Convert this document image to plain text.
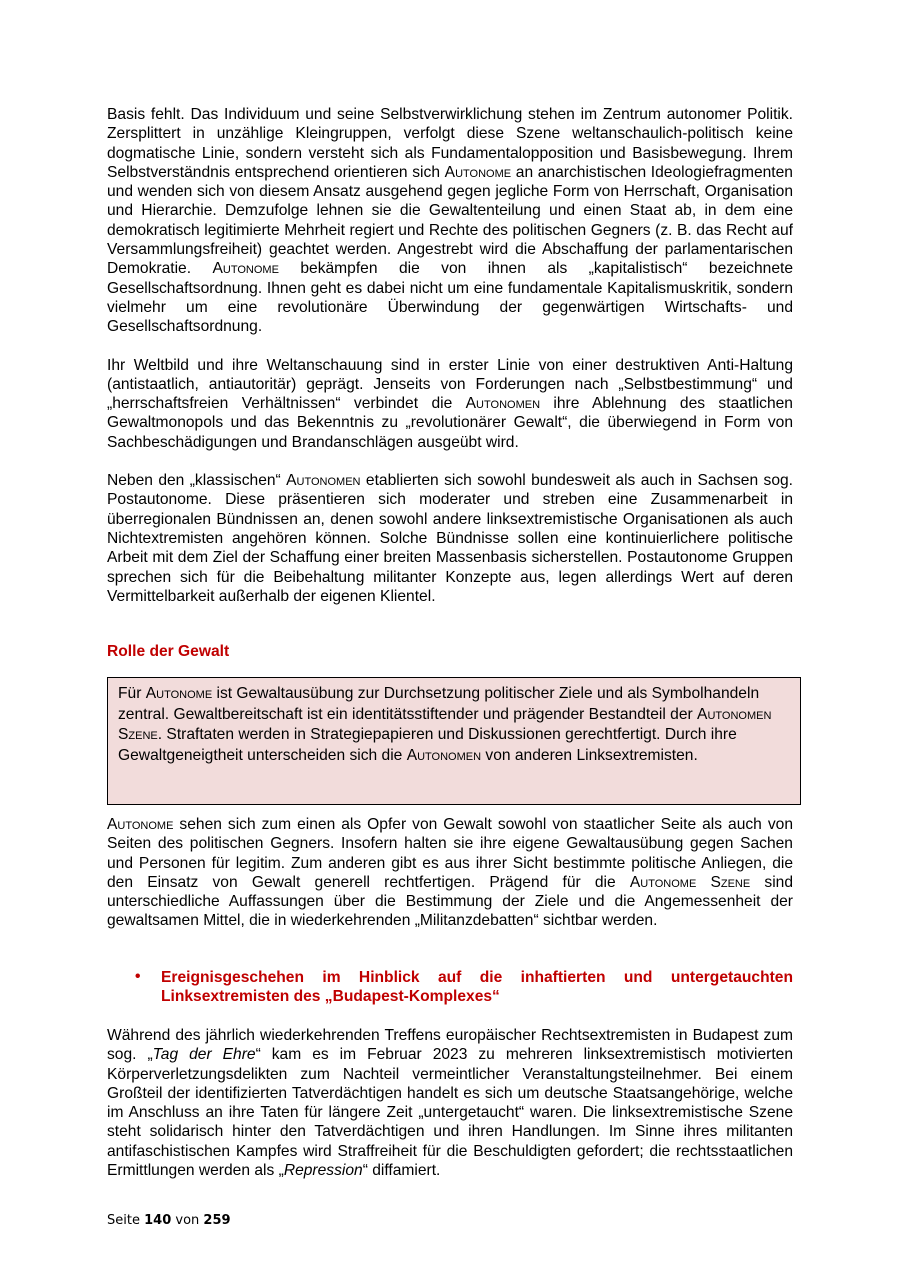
Basis fehlt. Das Individuum und seine Selbstverwirklichung stehen im Zentrum autonomer Politik. Zersplittert in unzählige Kleingruppen, verfolgt diese Szene weltanschaulich-politisch keine dogmatische Linie, sondern versteht sich als Fundamentalopposition und Basisbewegung. Ihrem Selbstverständnis entsprechend orientieren sich Autonome an anarchistischen Ideologiefragmenten und wenden sich von diesem Ansatz ausgehend gegen jegliche Form von Herrschaft, Organisation und Hierarchie. Demzufolge lehnen sie die Gewaltenteilung und einen Staat ab, in dem eine demokratisch legitimierte Mehrheit regiert und Rechte des politischen Gegners (z. B. das Recht auf Versammlungsfreiheit) geachtet werden. Angestrebt wird die Abschaffung der parlamentarischen Demokratie. Autonome bekämpfen die von ihnen als „kapitalistisch“ bezeichnete Gesellschaftsordnung. Ihnen geht es dabei nicht um eine fundamentale Kapitalismuskritik, sondern vielmehr um eine revolutionäre Überwindung der gegenwärtigen Wirtschafts- und Gesellschaftsordnung.

Ihr Weltbild und ihre Weltanschauung sind in erster Linie von einer destruktiven Anti-Haltung (antistaatlich, antiautoritär) geprägt. Jenseits von Forderungen nach „Selbstbestimmung“ und „herrschaftsfreien Verhältnissen“ verbindet die Autonomen ihre Ablehnung des staatlichen Gewaltmonopols und das Bekenntnis zu „revolutionärer Gewalt“, die überwiegend in Form von Sachbeschädigungen und Brandanschlägen ausgeübt wird.

Neben den „klassischen“ Autonomen etablierten sich sowohl bundesweit als auch in Sachsen sog. Postautonome. Diese präsentieren sich moderater und streben eine Zusammenarbeit in überregionalen Bündnissen an, denen sowohl andere linksextremistische Organisationen als auch Nichtextremisten angehören können. Solche Bündnisse sollen eine kontinuierlichere politische Arbeit mit dem Ziel der Schaffung einer breiten Massenbasis sicherstellen. Postautonome Gruppen sprechen sich für die Beibehaltung militanter Konzepte aus, legen allerdings Wert auf deren Vermittelbarkeit außerhalb der eigenen Klientel.

Rolle der Gewalt

Für Autonome ist Gewaltausübung zur Durchsetzung politischer Ziele und als Symbolhandeln zentral. Gewaltbereitschaft ist ein identitätsstiftender und prägender Bestandteil der Autonomen Szene. Straftaten werden in Strategiepapieren und Diskussionen gerechtfertigt. Durch ihre Gewaltgeneigtheit unterscheiden sich die Autonomen von anderen Linksextremisten.

Autonome sehen sich zum einen als Opfer von Gewalt sowohl von staatlicher Seite als auch von Seiten des politischen Gegners. Insofern halten sie ihre eigene Gewaltausübung gegen Sachen und Personen für legitim. Zum anderen gibt es aus ihrer Sicht bestimmte politische Anliegen, die den Einsatz von Gewalt generell rechtfertigen. Prägend für die Autonome Szene sind unterschiedliche Auffassungen über die Bestimmung der Ziele und die Angemessenheit der gewaltsamen Mittel, die in wiederkehrenden „Militanzdebatten“ sichtbar werden.

• Ereignisgeschehen im Hinblick auf die inhaftierten und untergetauchten Linksextremisten des „Budapest-Komplexes“

Während des jährlich wiederkehrenden Treffens europäischer Rechtsextremisten in Budapest zum sog. „Tag der Ehre“ kam es im Februar 2023 zu mehreren linksextremistisch motivierten Körperverletzungsdelikten zum Nachteil vermeintlicher Veranstaltungsteilnehmer. Bei einem Großteil der identifizierten Tatverdächtigen handelt es sich um deutsche Staatsangehörige, welche im Anschluss an ihre Taten für längere Zeit „untergetaucht“ waren. Die linksextremistische Szene steht solidarisch hinter den Tatverdächtigen und ihren Handlungen. Im Sinne ihres militanten antifaschistischen Kampfes wird Straffreiheit für die Beschuldigten gefordert; die rechtsstaatlichen Ermittlungen werden als „Repression“ diffamiert.

Seite 140 von 259
